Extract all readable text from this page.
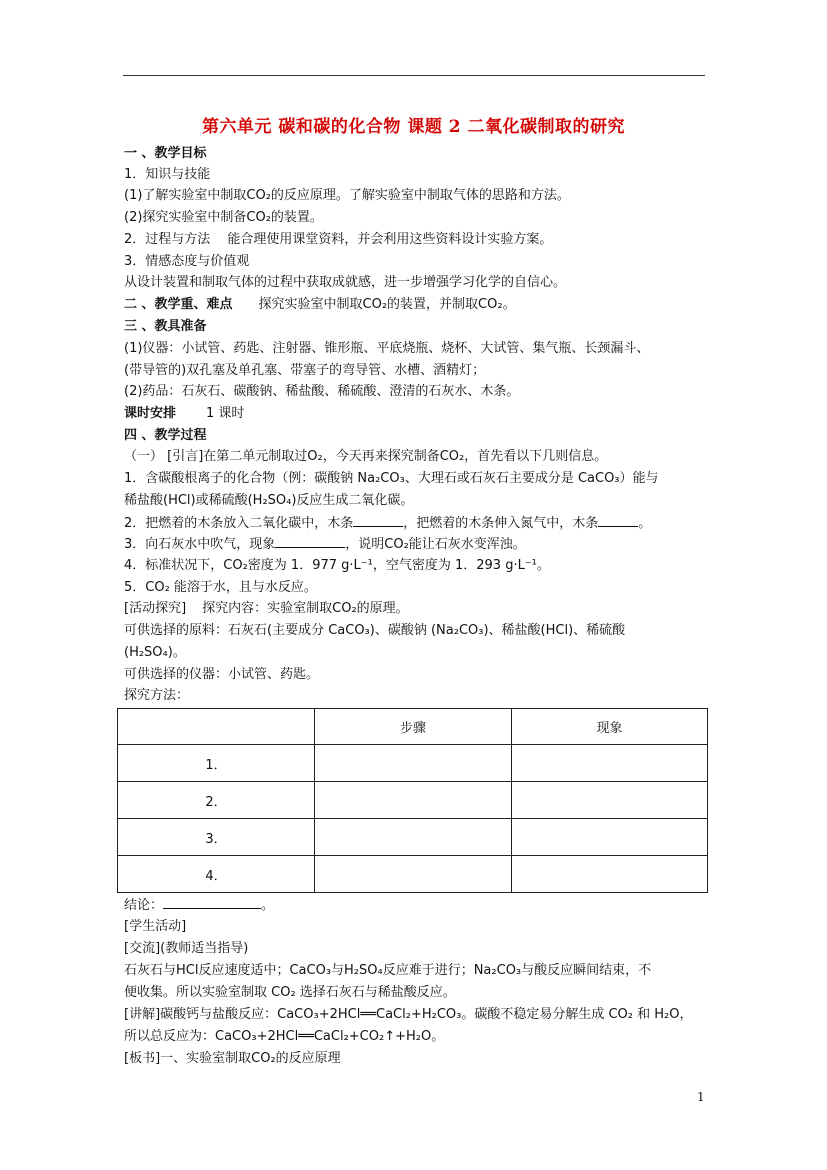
第六单元 碳和碳的化合物 课题 2 二氧化碳制取的研究
一 、教学目标
1．知识与技能
(1)了解实验室中制取CO₂的反应原理。了解实验室中制取气体的思路和方法。
(2)探究实验室中制备CO₂的装置。
2．过程与方法　 能合理使用课堂资料，并会利用这些资料设计实验方案。
3．情感态度与价值观
从设计装置和制取气体的过程中获取成就感，进一步增强学习化学的自信心。
二 、教学重、难点 探究实验室中制取CO₂的装置，并制取CO₂。
三 、教具准备
(1)仪器：小试管、药匙、注射器、锥形瓶、平底烧瓶、烧杯、大试管、集气瓶、长颈漏斗、
(带导管的)双孔塞及单孔塞、带塞子的弯导管、水槽、酒精灯；
(2)药品：石灰石、碳酸钠、稀盐酸、稀硫酸、澄清的石灰水、木条。
课时安排 1 课时
四 、教学过程
（一） [引言]在第二单元制取过O₂，今天再来探究制备CO₂，首先看以下几则信息。
1．含碳酸根离子的化合物（例：碳酸钠 Na₂CO₃、大理石或石灰石主要成分是 CaCO₃）能与
稀盐酸(HCl)或稀硫酸(H₂SO₄)反应生成二氧化碳。
2．把燃着的木条放入二氧化碳中，木条	，把燃着的木条伸入氮气中，木条	。
3．向石灰水中吹气，现象	，说明CO₂能让石灰水变浑浊。
4．标准状况下，CO₂密度为 1．977 g·L⁻¹，空气密度为 1．293 g·L⁻¹。
5．CO₂ 能溶于水，且与水反应。
[活动探究] 探究内容：实验室制取CO₂的原理。
可供选择的原料：石灰石(主要成分 CaCO₃)、碳酸钠 (Na₂CO₃)、稀盐酸(HCl)、稀硫酸
(H₂SO₄)。
可供选择的仪器：小试管、药匙。
探究方法：
	步骤	现象
1．		
2．		
3．		
4．		
结论：	。
[学生活动]
[交流](教师适当指导)
石灰石与HCl反应速度适中；CaCO₃与H₂SO₄反应难于进行；Na₂CO₃与酸反应瞬间结束，不
便收集。所以实验室制取 CO₂ 选择石灰石与稀盐酸反应。
[讲解]碳酸钙与盐酸反应：CaCO₃+2HCl══CaCl₂+H₂CO₃。碳酸不稳定易分解生成 CO₂ 和 H₂O，
所以总反应为：CaCO₃+2HCl══CaCl₂+CO₂↑+H₂O。
[板书]一、实验室制取CO₂的反应原理
1
